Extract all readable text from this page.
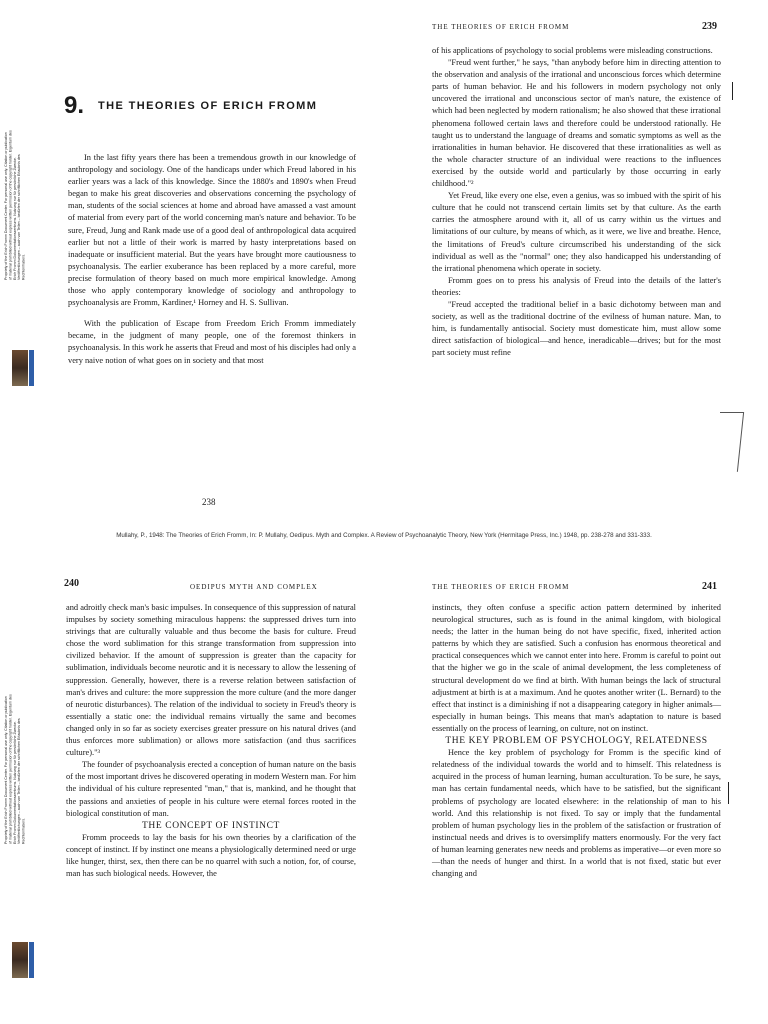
Propriety of the Erich Fromm Document Center. For personal use only. Citation or publication of material prohibited without express written permission of the copyright holder. Eigentum des Erich Fromm Dokumentationszentrums. Nutzung nur für persönliche Zwecke. Veröffentlichungen – auch von Teilen – bedürfen der schriftlichen Erlaubnis des Rechteinhabers.
9. THE THEORIES OF ERICH FROMM

In the last fifty years there has been a tremendous growth in our knowledge of anthropology and sociology. One of the handicaps under which Freud labored in his earlier years was a lack of this knowledge. Since the 1880's and 1890's when Freud began to make his great discoveries and observations concerning the psychology of man, students of the social sciences at home and abroad have amassed a vast amount of material from every part of the world concerning man's nature and behavior. To be sure, Freud, Jung and Rank made use of a good deal of anthropological data acquired earlier but not a little of their work is marred by hasty interpretations based on inadequate or insufficient material. But the years have brought more cautiousness to psychoanalysis. The earlier exuberance has been replaced by a more careful, more precise formulation of theory based on much more empirical knowledge. Among those who apply contemporary knowledge of sociology and anthropology to psychoanalysis are Fromm, Kardiner,¹ Horney and H. S. Sullivan.

With the publication of Escape from Freedom Erich Fromm immediately became, in the judgment of many people, one of the foremost thinkers in psychoanalysis. In this work he asserts that Freud and most of his disciples had only a very naive notion of what goes on in society and that most

238
THE THEORIES OF ERICH FROMM	239

of his applications of psychology to social problems were misleading constructions.

"Freud went further," he says, "than anybody before him in directing attention to the observation and analysis of the irrational and unconscious forces which determine parts of human behavior. He and his followers in modern psychology not only uncovered the irrational and unconscious sector of man's nature, the existence of which had been neglected by modern rationalism; he also showed that these irrational phenomena followed certain laws and therefore could be understood rationally. He taught us to understand the language of dreams and somatic symptoms as well as the irrationalities in human behavior. He discovered that these irrationalities as well as the whole character structure of an individual were reactions to the influences exercised by the outside world and particularly by those occurring in early childhood."²

Yet Freud, like every one else, even a genius, was so imbued with the spirit of his culture that he could not transcend certain limits set by that culture. As the earth carries the atmosphere around with it, all of us carry within us the virtues and limitations of our culture, by means of which, as it were, we live and breathe. Hence, the limitations of Freud's culture circumscribed his understanding of the sick individual as well as the "normal" one; they also handicapped his understanding of the irrational phenomena which operate in society.

Fromm goes on to press his analysis of Freud into the details of the latter's theories:

"Freud accepted the traditional belief in a basic dichotomy between man and society, as well as the traditional doctrine of the evilness of human nature. Man, to him, is fundamentally antisocial. Society must domesticate him, must allow some direct satisfaction of biological—and hence, ineradicable—drives; but for the most part society must refine

Mullahy, P., 1948: The Theories of Erich Fromm, In: P. Mullahy, Oedipus. Myth and Complex. A Review of Psychoanalytic Theory, New York (Hermitage Press, Inc.) 1948, pp. 238-278 and 331-333.
Propriety of the Erich Fromm Document Center. For personal use only. Citation or publication of material prohibited without express written permission of the copyright holder. Eigentum des Erich Fromm Dokumentationszentrums. Nutzung nur für persönliche Zwecke. Veröffentlichungen – auch von Teilen – bedürfen der schriftlichen Erlaubnis des Rechteinhabers.
240	OEDIPUS MYTH AND COMPLEX

and adroitly check man's basic impulses. In consequence of this suppression of natural impulses by society something miraculous happens: the suppressed drives turn into strivings that are culturally valuable and thus become the basis for culture. Freud chose the word sublimation for this strange transformation from suppression into civilized behavior. If the amount of suppression is greater than the capacity for sublimation, individuals become neurotic and it is necessary to allow the lessening of suppression. Generally, however, there is a reverse relation between satisfaction of man's drives and culture: the more suppression the more culture (and the more danger of neurotic disturbances). The relation of the individual to society in Freud's theory is essentially a static one: the individual remains virtually the same and becomes changed only in so far as society exercises greater pressure on his natural drives (and thus enforces more sublimation) or allows more satisfaction (and thus sacrifices culture)."³

The founder of psychoanalysis erected a conception of human nature on the basis of the most important drives he discovered operating in modern Western man. For him the individual of his culture represented "man," that is, mankind, and he thought that the passions and anxieties of people in his culture were eternal forces rooted in the biological constitution of man.

THE CONCEPT OF INSTINCT

Fromm proceeds to lay the basis for his own theories by a clarification of the concept of instinct. If by instinct one means a physiologically determined need or urge like hunger, thirst, sex, then there can be no quarrel with such a notion, for, of course, man has such biological needs. However, the

THE THEORIES OF ERICH FROMM	241

instincts, they often confuse a specific action pattern determined by inherited neurological structures, such as is found in the animal kingdom, with biological needs; the latter in the human being do not have specific, fixed, inherited action patterns by which they are satisfied. Such a confusion has enormous theoretical and practical consequences which we cannot enter into here. Fromm is careful to point out that the higher we go in the scale of animal development, the less completeness of structural development do we find at birth. With human beings the lack of structural adjustment at birth is at a maximum. And he quotes another writer (L. Bernard) to the effect that instinct is a diminishing if not a disappearing category in higher animals—especially in human beings. This means that man's adaptation to nature is based essentially on the process of learning, on culture, not on instinct.

THE KEY PROBLEM OF PSYCHOLOGY, RELATEDNESS

Hence the key problem of psychology for Fromm is the specific kind of relatedness of the individual towards the world and to himself. This relatedness is acquired in the process of human learning, human acculturation. To be sure, he says, man has certain fundamental needs, which have to be satisfied, but the significant problems of psychology are located elsewhere: in the relationship of man to his world. And this relationship is not fixed. To say or imply that the fundamental problem of human psychology lies in the problem of the satisfaction or frustration of instinctual needs and drives is to oversimplify matters enormously. For the very fact of human learning generates new needs and problems as imperative—or even more so—than the needs of hunger and thirst. In a world that is not fixed, static but ever changing and
